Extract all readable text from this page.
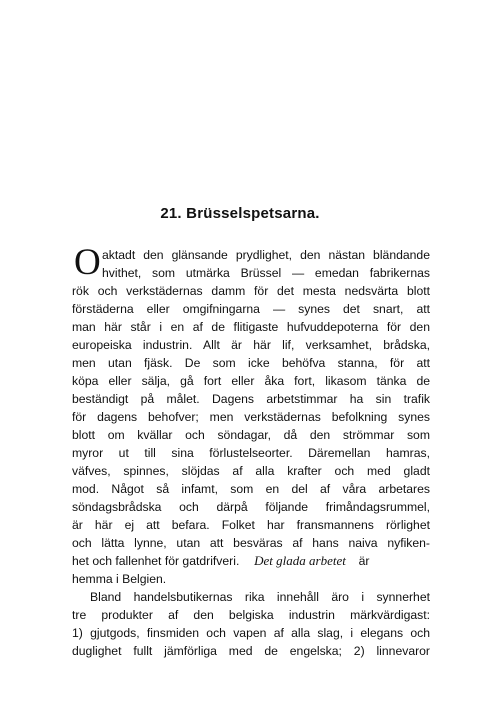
21. Brüsselspetsarna.
O aktadt den glänsande prydlighet, den nästan bländande
hvithet, som utmärka Brüssel — emedan fabrikernas
rök och verkstädernas damm för det mesta nedsvärta blott
förstäderna eller omgifningarna — synes det snart, att
man här står i en af de flitigaste hufvuddepoterna för den
europeiska industrin. Allt är här lif, verksamhet, brådska,
men utan fjäsk. De som icke behöfva stanna, för att
köpa eller sälja, gå fort eller åka fort, likasom tänka de
beständigt på målet. Dagens arbetstimmar ha sin trafik
för dagens behofver; men verkstädernas befolkning synes
blott om kvällar och söndagar, då den strömmar som
myror ut till sina förlustelseorter. Däremellan hamras,
väfves, spinnes, slöjdas af alla krafter och med gladt
mod. Något så infamt, som en del af våra arbetares
söndagsbrådska och därpå följande frimåndagsrummel,
är här ej att befara. Folket har fransmannens rörlighet
och lätta lynne, utan att besväras af hans naiva nyfiken-
het och fallenhet för gatdrifveri. Det glada arbetet är
hemma i Belgien.
Bland handelsbutikernas rika innehåll äro i synnerhet
tre produkter af den belgiska industrin märkvärdigast:
1) gjutgods, finsmiden och vapen af alla slag, i elegans och
duglighet fullt jämförliga med de engelska; 2) linnevaror
